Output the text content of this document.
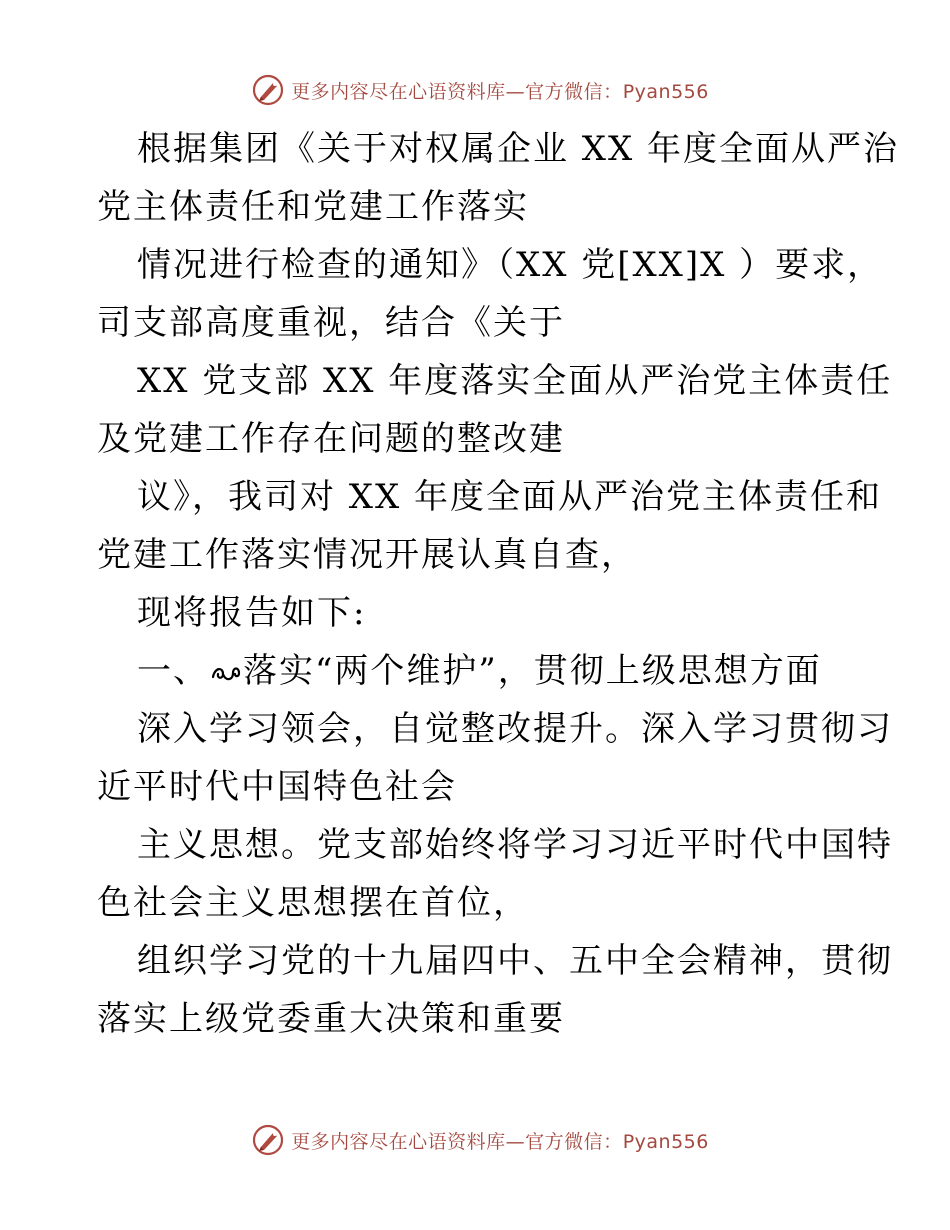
更多内容尽在心语资料库—官方微信：Pyan556
根据集团《关于对权属企业 XX 年度全面从严治
党主体责任和党建工作落实
情况进行检查的通知》（XX 党[XX]X ）要求，
司支部高度重视，结合《关于
XX 党支部 XX 年度落实全面从严治党主体责任
及党建工作存在问题的整改建
议》，我司对 XX 年度全面从严治党主体责任和
党建工作落实情况开展认真自查，
现将报告如下:
一、 落实“两个维护”，贯彻上级思想方面
深入学习领会，自觉整改提升。深入学习贯彻习
近平时代中国特色社会
主义思想。党支部始终将学习习近平时代中国特
色社会主义思想摆在首位，
组织学习党的十九届四中、五中全会精神，贯彻
落实上级党委重大决策和重要
更多内容尽在心语资料库—官方微信：Pyan556
